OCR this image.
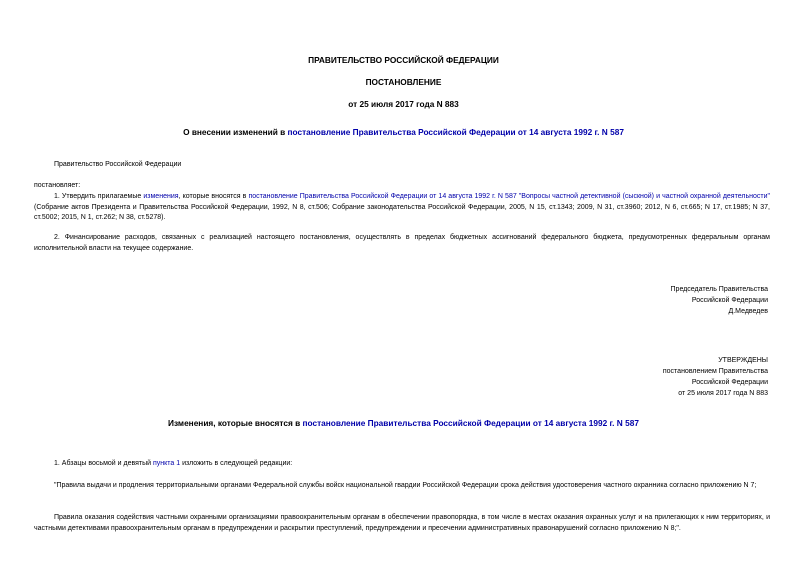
ПРАВИТЕЛЬСТВО РОССИЙСКОЙ ФЕДЕРАЦИИ
ПОСТАНОВЛЕНИЕ
от 25 июля 2017 года N 883
О внесении изменений в постановление Правительства Российской Федерации от 14 августа 1992 г. N 587
Правительство Российской Федерации
постановляет:
1. Утвердить прилагаемые изменения, которые вносятся в постановление Правительства Российской Федерации от 14 августа 1992 г. N 587 "Вопросы частной детективной (сыскной) и частной охранной деятельности" (Собрание актов Президента и Правительства Российской Федерации, 1992, N 8, ст.506; Собрание законодательства Российской Федерации, 2005, N 15, ст.1343; 2009, N 31, ст.3960; 2012, N 6, ст.665; N 17, ст.1985; N 37, ст.5002; 2015, N 1, ст.262; N 38, ст.5278).
2. Финансирование расходов, связанных с реализацией настоящего постановления, осуществлять в пределах бюджетных ассигнований федерального бюджета, предусмотренных федеральным органам исполнительной власти на текущее содержание.
Председатель Правительства
Российской Федерации
Д.Медведев
УТВЕРЖДЕНЫ
постановлением Правительства
Российской Федерации
от 25 июля 2017 года N 883
Изменения, которые вносятся в постановление Правительства Российской Федерации от 14 августа 1992 г. N 587
1. Абзацы восьмой и девятый пункта 1 изложить в следующей редакции:
"Правила выдачи и продления территориальными органами Федеральной службы войск национальной гвардии Российской Федерации срока действия удостоверения частного охранника согласно приложению N 7;
Правила оказания содействия частными охранными организациями правоохранительным органам в обеспечении правопорядка, в том числе в местах оказания охранных услуг и на прилегающих к ним территориях, и частными детективами правоохранительным органам в предупреждении и раскрытии преступлений, предупреждении и пресечении административных правонарушений согласно приложению N 8;".
